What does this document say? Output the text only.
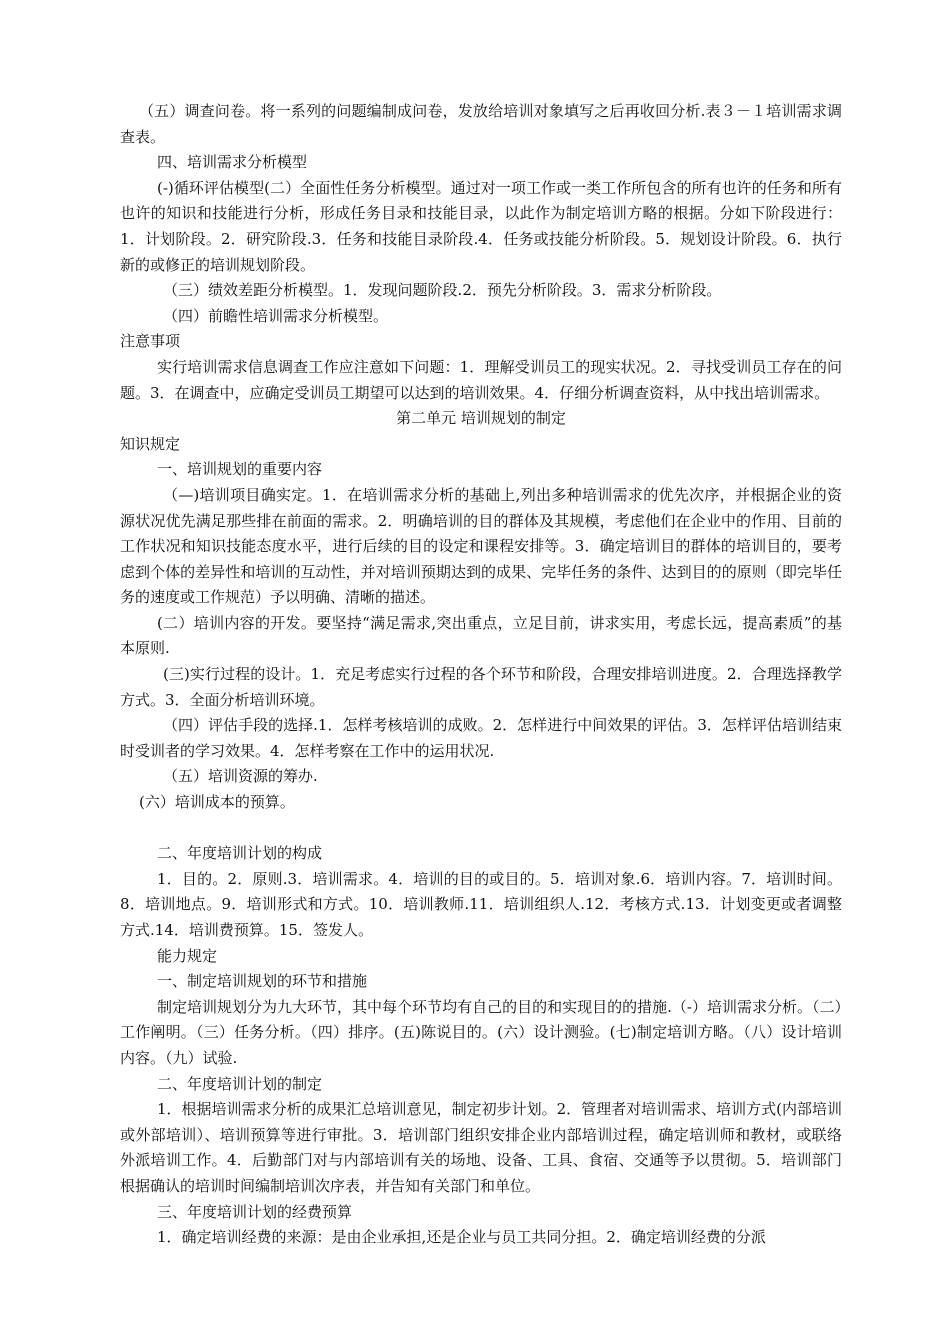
（五）调查问卷。将一系列的问题编制成问卷，发放给培训对象填写之后再收回分析.表３－１培训需求调查表。

四、培训需求分析模型

(-)循环评估模型(二）全面性任务分析模型。通过对一项工作或一类工作所包含的所有也许的任务和所有也许的知识和技能进行分析，形成任务目录和技能目录，以此作为制定培训方略的根据。分如下阶段进行：1．计划阶段。2．研究阶段.3．任务和技能目录阶段.4．任务或技能分析阶段。5．规划设计阶段。6．执行新的或修正的培训规划阶段。

（三）绩效差距分析模型。1．发现问题阶段.2．预先分析阶段。3．需求分析阶段。

（四）前瞻性培训需求分析模型。

注意事项

实行培训需求信息调查工作应注意如下问题：1．理解受训员工的现实状况。2．寻找受训员工存在的问题。3．在调查中，应确定受训员工期望可以达到的培训效果。4．仔细分析调查资料，从中找出培训需求。

第二单元 培训规划的制定

知识规定

一、培训规划的重要内容

（—)培训项目确实定。1．在培训需求分析的基础上,列出多种培训需求的优先次序，并根据企业的资源状况优先满足那些排在前面的需求。2．明确培训的目的群体及其规模，考虑他们在企业中的作用、目前的工作状况和知识技能态度水平，进行后续的目的设定和课程安排等。3．确定培训目的群体的培训目的，要考虑到个体的差异性和培训的互动性，并对培训预期达到的成果、完毕任务的条件、达到目的的原则（即完毕任务的速度或工作规范）予以明确、清晰的描述。

(二）培训内容的开发。要坚持“满足需求,突出重点，立足目前，讲求实用，考虑长远，提高素质”的基本原则.

(三)实行过程的设计。1．充足考虑实行过程的各个环节和阶段，合理安排培训进度。2．合理选择教学方式。3．全面分析培训环境。

（四）评估手段的选择.1．怎样考核培训的成败。2．怎样进行中间效果的评估。3．怎样评估培训结束时受训者的学习效果。4．怎样考察在工作中的运用状况.

（五）培训资源的筹办.

(六）培训成本的预算。

二、年度培训计划的构成

1．目的。2．原则.3．培训需求。4．培训的目的或目的。5．培训对象.6．培训内容。7．培训时间。8．培训地点。9．培训形式和方式。10．培训教师.11．培训组织人.12．考核方式.13．计划变更或者调整方式.14．培训费预算。15．签发人。

能力规定

一、制定培训规划的环节和措施

制定培训规划分为九大环节，其中每个环节均有自己的目的和实现目的的措施.（-）培训需求分析。（二）工作阐明。（三）任务分析。（四）排序。(五)陈说目的。(六）设计测验。(七)制定培训方略。（八）设计培训内容。（九）试验.

二、年度培训计划的制定

1．根据培训需求分析的成果汇总培训意见，制定初步计划。2．管理者对培训需求、培训方式(内部培训或外部培训）、培训预算等进行审批。3．培训部门组织安排企业内部培训过程，确定培训师和教材，或联络外派培训工作。4．后勤部门对与内部培训有关的场地、设备、工具、食宿、交通等予以贯彻。5．培训部门根据确认的培训时间编制培训次序表，并告知有关部门和单位。

三、年度培训计划的经费预算

1．确定培训经费的来源：是由企业承担,还是企业与员工共同分担。2．确定培训经费的分派
